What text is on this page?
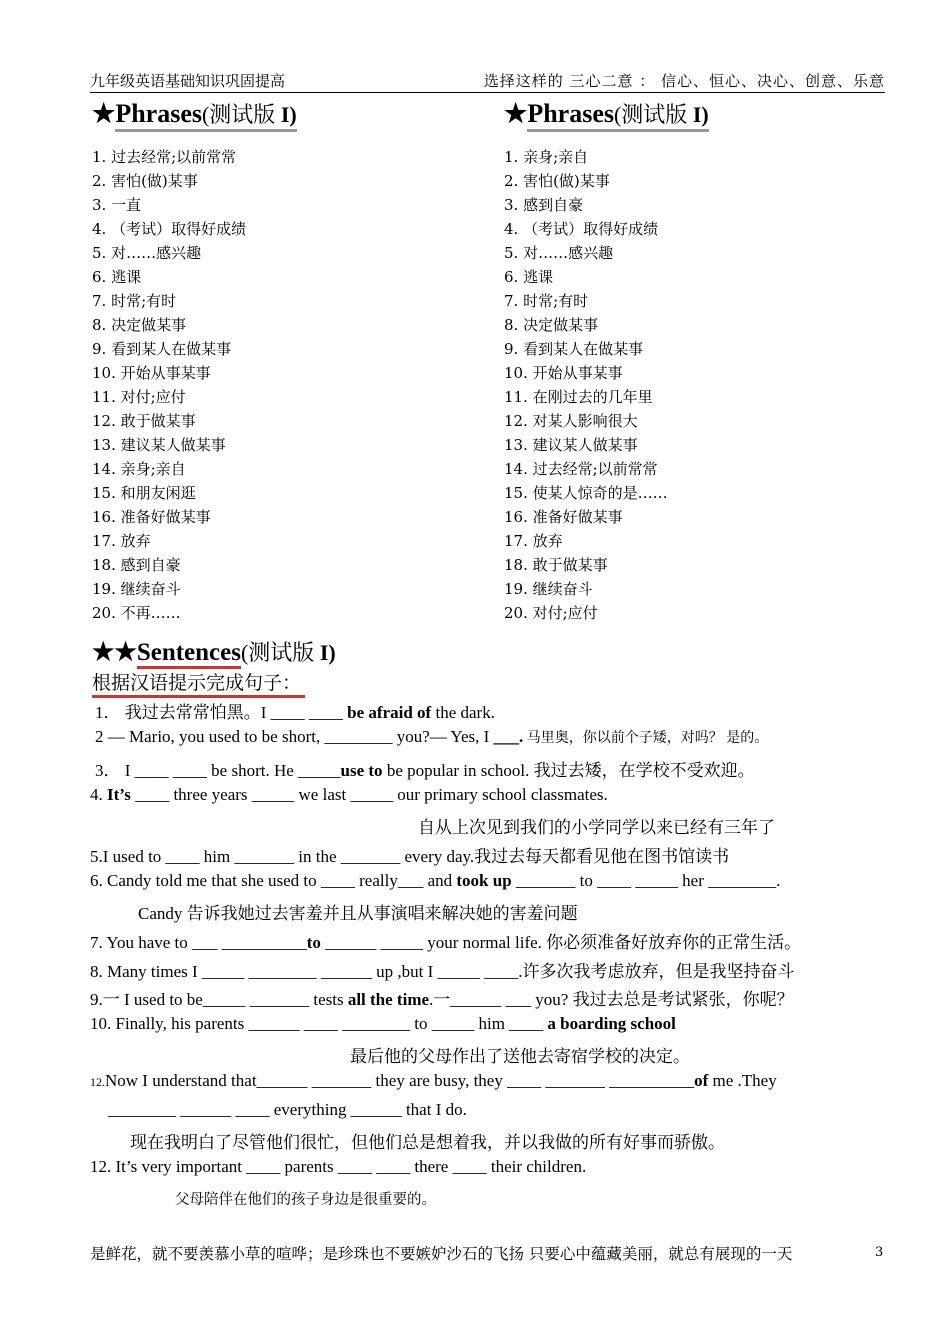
九年级英语基础知识巩固提高	选择这样的 三心二意 ： 信心、恒心、决心、创意、乐意
★Phrases(测试版 I)	★Phrases(测试版 I)
1. 过去经常;以前常常
2. 害怕(做)某事
3. 一直
4. （考试）取得好成绩
5. 对……感兴趣
6. 逃课
7. 时常;有时
8. 决定做某事
9. 看到某人在做某事
10. 开始从事某事
11. 对付;应付
12. 敢于做某事
13. 建议某人做某事
14. 亲身;亲自
15. 和朋友闲逛
16. 准备好做某事
17. 放弃
18. 感到自豪
19. 继续奋斗
20. 不再……
1. 亲身;亲自
2. 害怕(做)某事
3. 感到自豪
4. （考试）取得好成绩
5. 对……感兴趣
6. 逃课
7. 时常;有时
8. 决定做某事
9. 看到某人在做某事
10. 开始从事某事
11. 在刚过去的几年里
12. 对某人影响很大
13. 建议某人做某事
14. 过去经常;以前常常
15. 使某人惊奇的是……
16. 准备好做某事
17. 放弃
18. 敢于做某事
19. 继续奋斗
20. 对付;应付
★★Sentences(测试版 I)
根据汉语提示完成句子：
1． 我过去常常怕黑。I ____ ____ be afraid of the dark.
2 — Mario, you used to be short, ________ you?— Yes, I ___. 马里奥，你以前个子矮，对吗？ 是的。
3． I ____ ____ be short. He _____use to be popular in school. 我过去矮，在学校不受欢迎。
4. It’s ____ three years _____ we last _____ our primary school classmates.
自从上次见到我们的小学同学以来已经有三年了
5.I used to ____ him _______ in the _______ every day.我过去每天都看见他在图书馆读书
6. Candy told me that she used to ____ really___ and took up _______ to ____ _____ her ________.
Candy 告诉我她过去害羞并且从事演唱来解决她的害羞问题
7. You have to ___ __________to ______ _____ your normal life. 你必须准备好放弃你的正常生活。
8. Many times I _____ ________ ______ up ,but I _____ ____.许多次我考虑放弃，但是我坚持奋斗
9.一 I used to be_____ _______ tests all the time.一______ ___ you? 我过去总是考试紧张，你呢？
10. Finally, his parents ______ ____ ________ to _____ him ____ a boarding school
最后他的父母作出了送他去寄宿学校的决定。
12.Now I understand that______ _______ they are busy, they ____ _______ __________of me .They
________ ______ ____ everything ______ that I do.
现在我明白了尽管他们很忙，但他们总是想着我，并以我做的所有好事而骄傲。
12. It’s very important ____ parents ____ ____ there ____ their children.
父母陪伴在他们的孩子身边是很重要的。
是鲜花，就不要羡慕小草的喧哗；是珍珠也不要嫉妒沙石的飞扬 只要心中蕴藏美丽，就总有展现的一天	3
